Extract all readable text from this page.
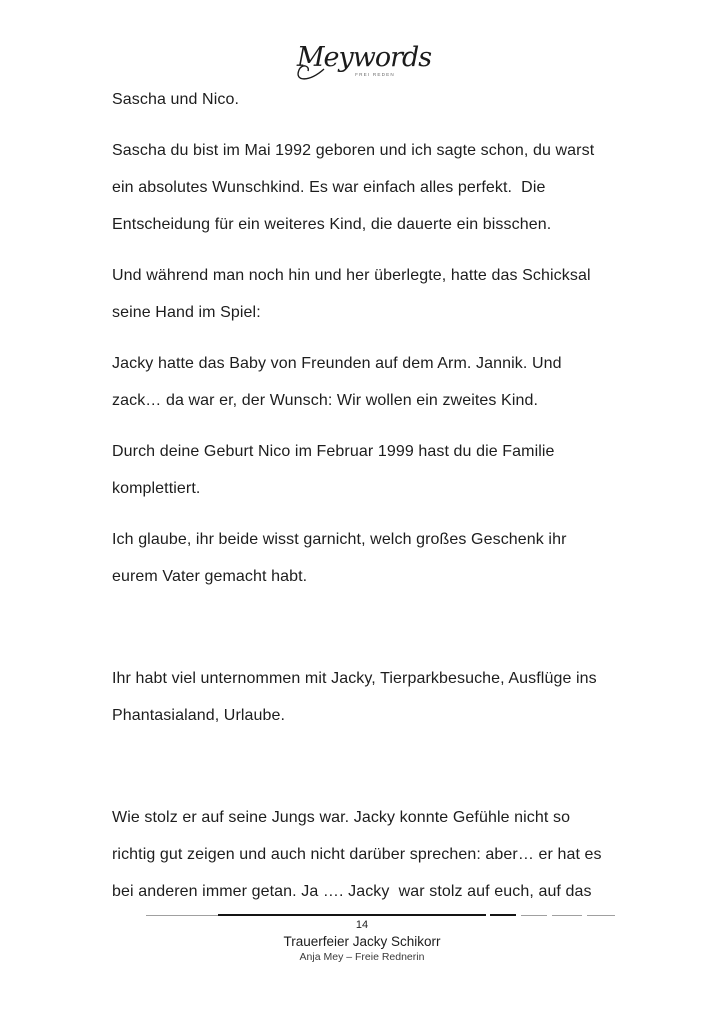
Meywords
FREI REDEN
Sascha und Nico.
Sascha du bist im Mai 1992 geboren und ich sagte schon, du warst
ein absolutes Wunschkind. Es war einfach alles perfekt.  Die
Entscheidung für ein weiteres Kind, die dauerte ein bisschen.
Und während man noch hin und her überlegte, hatte das Schicksal
seine Hand im Spiel:
Jacky hatte das Baby von Freunden auf dem Arm. Jannik. Und
zack… da war er, der Wunsch: Wir wollen ein zweites Kind.
Durch deine Geburt Nico im Februar 1999 hast du die Familie
komplettiert.
Ich glaube, ihr beide wisst garnicht, welch großes Geschenk ihr
eurem Vater gemacht habt.
Ihr habt viel unternommen mit Jacky, Tierparkbesuche, Ausflüge ins
Phantasialand, Urlaube.
Wie stolz er auf seine Jungs war. Jacky konnte Gefühle nicht so
richtig gut zeigen und auch nicht darüber sprechen: aber… er hat es
bei anderen immer getan. Ja …. Jacky  war stolz auf euch, auf das
14
Trauerfeier Jacky Schikorr
Anja Mey – Freie Rednerin
